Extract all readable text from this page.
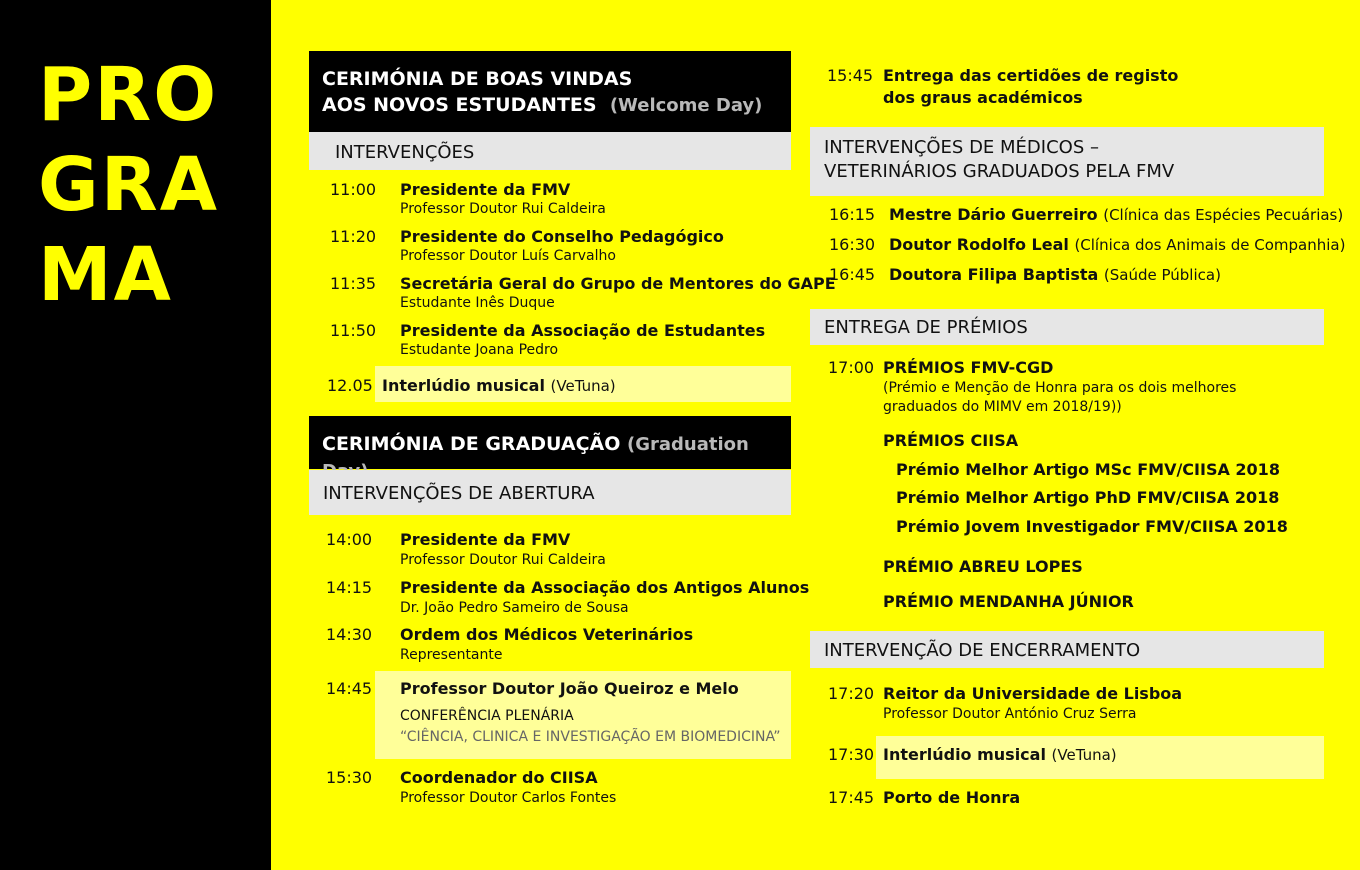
PRO
GRA
MA
CERIMÓNIA DE BOAS VINDAS
AOS NOVOS ESTUDANTES (Welcome Day)
INTERVENÇÕES
11:00 Presidente da FMV
Professor Doutor Rui Caldeira
11:20 Presidente do Conselho Pedagógico
Professor Doutor Luís Carvalho
11:35 Secretária Geral do Grupo de Mentores do GAPE
Estudante Inês Duque
11:50 Presidente da Associação de Estudantes
Estudante Joana Pedro
12.05 Interlúdio musical (VeTuna)
CERIMÓNIA DE GRADUAÇÃO (Graduation
INTERVENÇÕES DE ABERTURA
14:00 Presidente da FMV
Professor Doutor Rui Caldeira
14:15 Presidente da Associação dos Antigos Alunos
Dr. João Pedro Sameiro de Sousa
14:30 Ordem dos Médicos Veterinários
Representante
14:45 Professor Doutor João Queiroz e Melo
CONFERÊNCIA PLENÁRIA
“CIÊNCIA, CLINICA E INVESTIGAÇÃO EM BIOMEDICINA”
15:30 Coordenador do CIISA
Professor Doutor Carlos Fontes
15:45 Entrega das certidões de registo
dos graus académicos
INTERVENÇÕES DE MÉDICOS –
VETERINÁRIOS GRADUADOS PELA FMV
16:15 Mestre Dário Guerreiro (Clínica das Espécies Pecuárias)
16:30 Doutor Rodolfo Leal (Clínica dos Animais de Companhia)
16:45 Doutora Filipa Baptista (Saúde Pública)
ENTREGA DE PRÉMIOS
17:00 PRÉMIOS FMV-CGD
(Prémio e Menção de Honra para os dois melhores
graduados do MIMV em 2018/19))
PRÉMIOS CIISA
Prémio Melhor Artigo MSc FMV/CIISA 2018
Prémio Melhor Artigo PhD FMV/CIISA 2018
Prémio Jovem Investigador FMV/CIISA 2018
PRÉMIO ABREU LOPES
PRÉMIO MENDANHA JÚNIOR
INTERVENÇÃO DE ENCERRAMENTO
17:20 Reitor da Universidade de Lisboa
Professor Doutor António Cruz Serra
17:30 Interlúdio musical (VeTuna)
17:45 Porto de Honra
